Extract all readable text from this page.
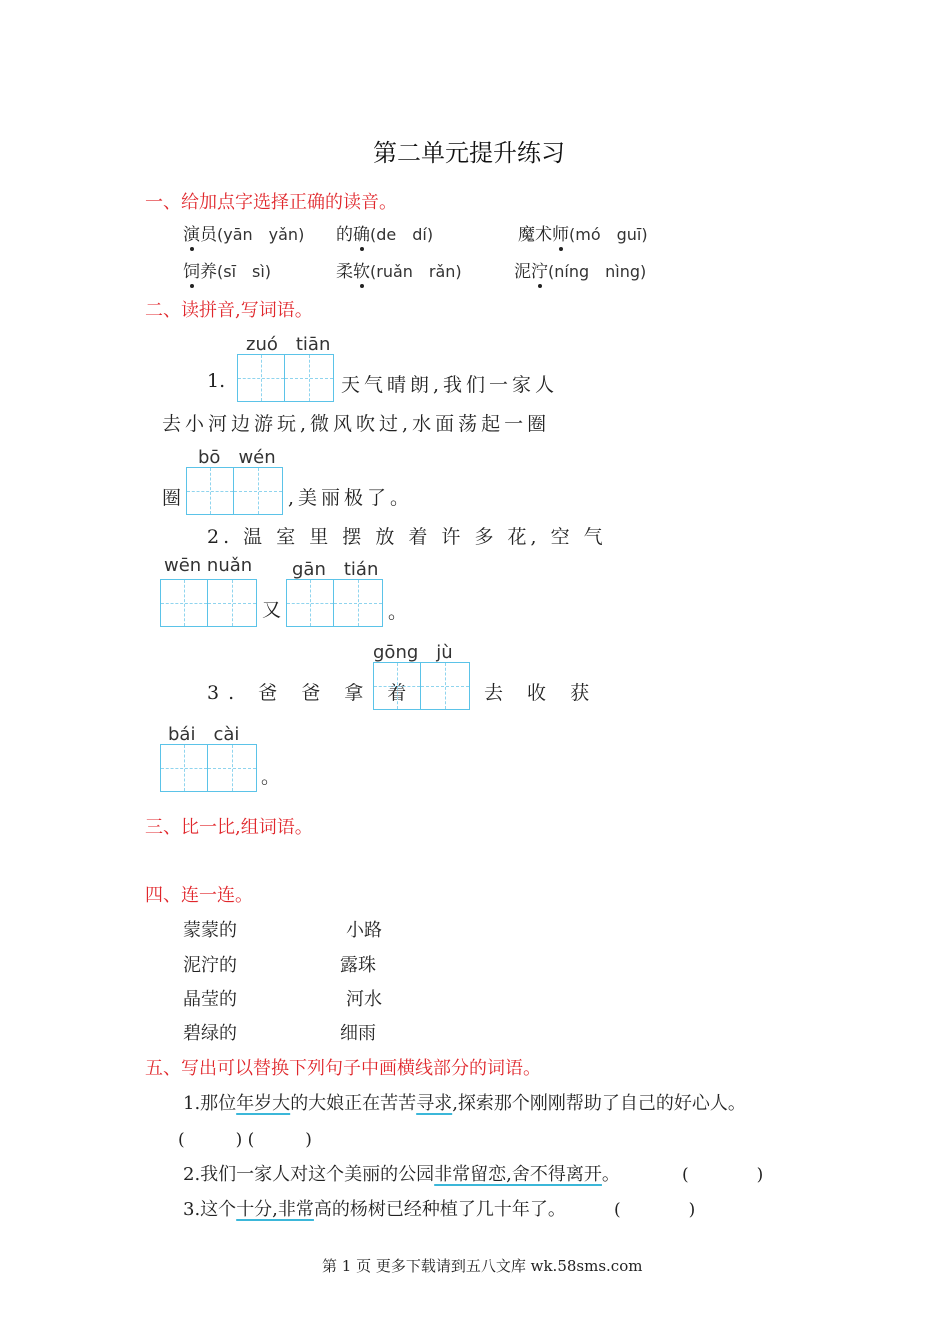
第二单元提升练习
一、给加点字选择正确的读音。
演员(yān　yǎn) 的确(de　dí)	魔术师(mó　guī)
饲养(sī　sì)	柔软(ruǎn　rǎn)	泥泞(níng　nìng)
二、读拼音,写词语。
zuó　tiān
1.	天气晴朗,我们一家人
去小河边游玩,微风吹过,水面荡起一圈
bō　wén
圈	,美丽极了。
2. 温 室 里 摆 放 着 许 多 花, 空 气
wēn nuǎn gān　tián
又	。
gōng　jù
3. 爸 爸 拿 着	去 收 获
bái　cài
。
三、比一比,组词语。
四、连一连。
蒙蒙的	小路
泥泞的	露珠
晶莹的	河水
碧绿的	细雨
五、写出可以替换下列句子中画横线部分的词语。
1.那位年岁大的大娘正在苦苦寻求,探索那个刚刚帮助了自己的好心人。
(　　　) (　　　)
2.我们一家人对这个美丽的公园非常留恋,舍不得离开。	(　　　　)
3.这个十分,非常高的杨树已经种植了几十年了。	(　　　　)
第 1 页 更多下载请到五八文库 wk.58sms.com
